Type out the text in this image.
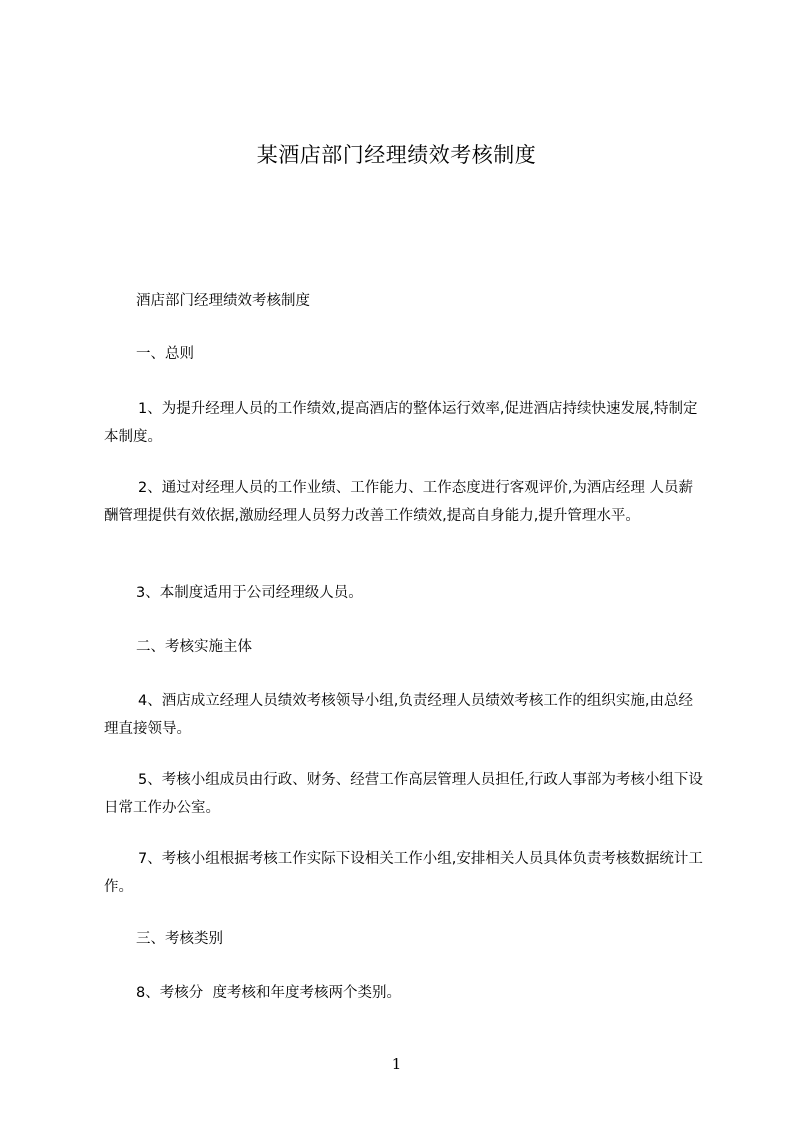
某酒店部门经理绩效考核制度
酒店部门经理绩效考核制度
一、总则
1、为提升经理人员的工作绩效,提高酒店的整体运行效率,促进酒店持续快速发展,特制定本制度。
2、通过对经理人员的工作业绩、工作能力、工作态度进行客观评价,为酒店经理 人员薪酬管理提供有效依据,激励经理人员努力改善工作绩效,提高自身能力,提升管理水平。
3、本制度适用于公司经理级人员。
二、考核实施主体
4、酒店成立经理人员绩效考核领导小组,负责经理人员绩效考核工作的组织实施,由总经理直接领导。
5、考核小组成员由行政、财务、经营工作高层管理人员担任,行政人事部为考核小组下设日常工作办公室。
7、考核小组根据考核工作实际下设相关工作小组,安排相关人员具体负责考核数据统计工作。
三、考核类别
8、考核分  度考核和年度考核两个类别。
1
